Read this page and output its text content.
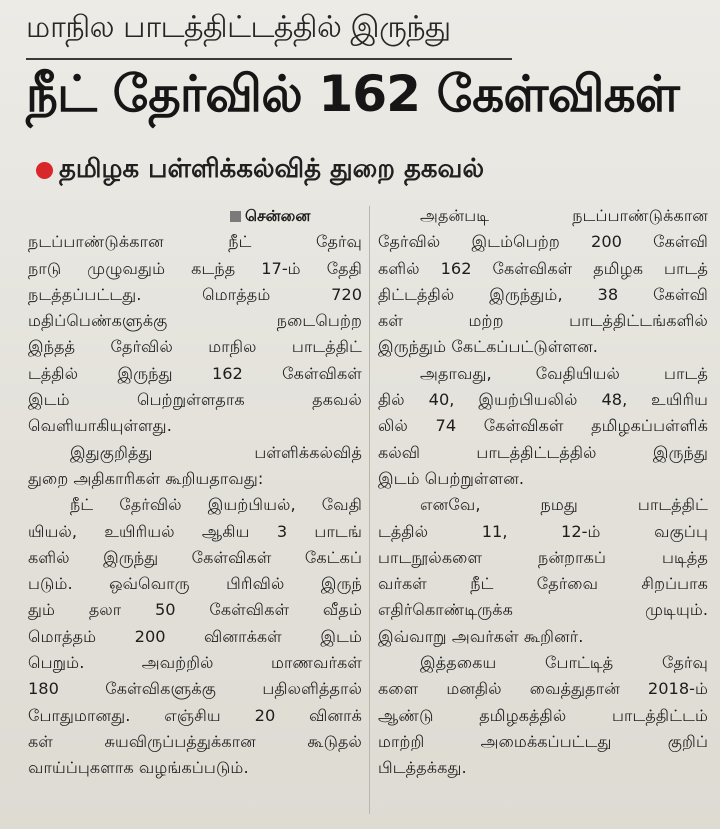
மாநில பாடத்திட்டத்தில் இருந்து
நீட் தேர்வில் 162 கேள்விகள்
தமிழக பள்ளிக்கல்வித் துறை தகவல்
சென்னை
நடப்பாண்டுக்கான நீட் தேர்வு
நாடு முழுவதும் கடந்த 17-ம் தேதி
நடத்தப்பட்டது. மொத்தம் 720
மதிப்பெண்களுக்கு நடைபெற்ற
இந்தத் தேர்வில் மாநில பாடத்திட்
டத்தில் இருந்து 162 கேள்விகள்
இடம் பெற்றுள்ளதாக தகவல்
வெளியாகியுள்ளது.
இதுகுறித்து பள்ளிக்கல்வித்
துறை அதிகாரிகள் கூறியதாவது:
நீட் தேர்வில் இயற்பியல், வேதி
யியல், உயிரியல் ஆகிய 3 பாடங்
களில் இருந்து கேள்விகள் கேட்கப்
படும். ஒவ்வொரு பிரிவில் இருந்
தும் தலா 50 கேள்விகள் வீதம்
மொத்தம் 200 வினாக்கள் இடம்
பெறும். அவற்றில் மாணவர்கள்
180 கேள்விகளுக்கு பதிலளித்தால்
போதுமானது. எஞ்சிய 20 வினாக்
கள் சுயவிருப்பத்துக்கான கூடுதல்
வாய்ப்புகளாக வழங்கப்படும்.
அதன்படி நடப்பாண்டுக்கான
தேர்வில் இடம்பெற்ற 200 கேள்வி
களில் 162 கேள்விகள் தமிழக பாடத்
திட்டத்தில் இருந்தும், 38 கேள்வி
கள் மற்ற பாடத்திட்டங்களில்
இருந்தும் கேட்கப்பட்டுள்ளன.
அதாவது, வேதியியல் பாடத்
தில் 40, இயற்பியலில் 48, உயிரிய
லில் 74 கேள்விகள் தமிழகப்பள்ளிக்
கல்வி பாடத்திட்டத்தில் இருந்து
இடம் பெற்றுள்ளன.
எனவே, நமது பாடத்திட்
டத்தில் 11, 12-ம் வகுப்பு
பாடநூல்களை நன்றாகப் படித்த
வர்கள் நீட் தேர்வை சிறப்பாக
எதிர்கொண்டிருக்க முடியும்.
இவ்வாறு அவர்கள் கூறினர்.
இத்தகைய போட்டித் தேர்வு
களை மனதில் வைத்துதான் 2018-ம்
ஆண்டு தமிழகத்தில் பாடத்திட்டம்
மாற்றி அமைக்கப்பட்டது குறிப்
பிடத்தக்கது.
